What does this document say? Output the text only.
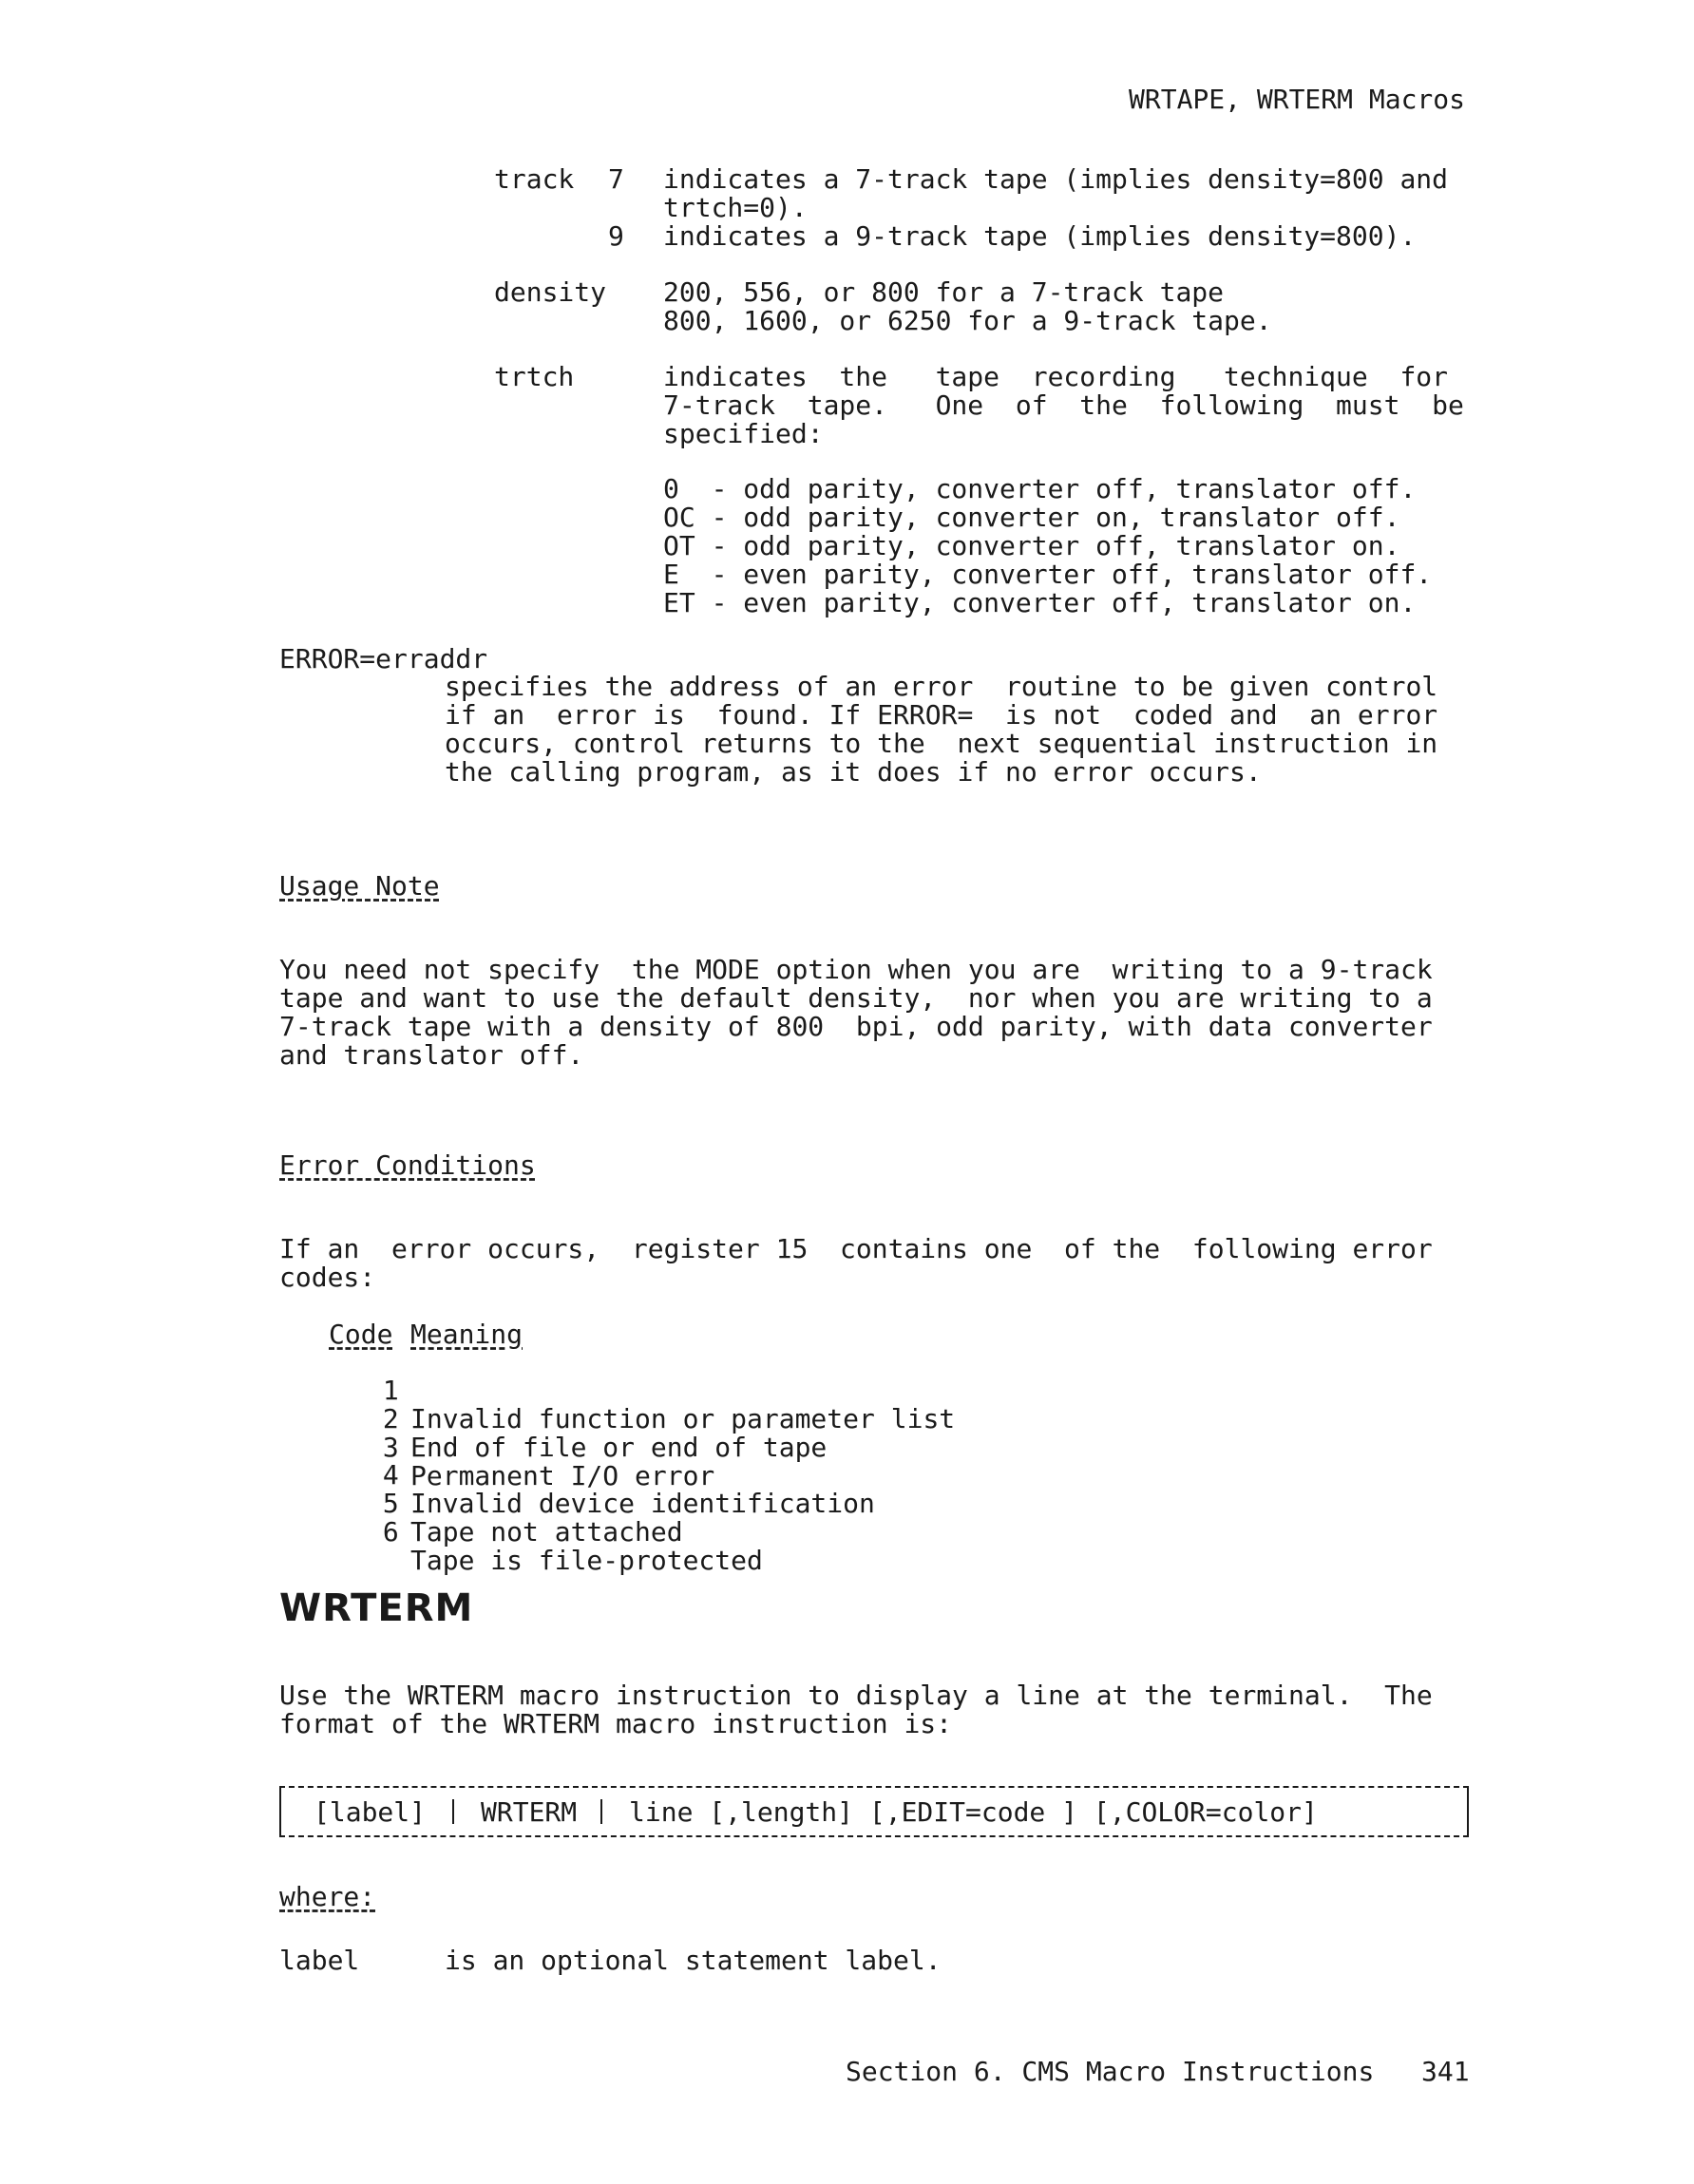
WRTAPE, WRTERM Macros
track 7 indicates a 7-track tape (implies density=800 and
trtch=0).
9 indicates a 9-track tape (implies density=800).
density 200, 556, or 800 for a 7-track tape
800, 1600, or 6250 for a 9-track tape.
trtch	indicates  the   tape  recording   technique  for
7-track  tape.   One  of  the  following  must  be
specified:
0  - odd parity, converter off, translator off.
OC - odd parity, converter on, translator off.
OT - odd parity, converter off, translator on.
E  - even parity, converter off, translator off.
ET - even parity, converter off, translator on.
ERROR=erraddr
specifies the address of an error  routine to be given control
if an  error is  found. If ERROR=  is not  coded and  an error
occurs, control returns to the  next sequential instruction in
the calling program, as it does if no error occurs.
Usage Note
You need not specify  the MODE option when you are  writing to a 9-track
tape and want to use the default density,  nor when you are writing to a
7-track tape with a density of 800  bpi, odd parity, with data converter
and translator off.
Error Conditions
If an  error occurs,  register 15  contains one  of the  following error
codes:
Code Meaning

1

Invalid function or parameter list

2

End of file or end of tape

3

Permanent I/O error

4

Invalid device identification

5

Tape not attached

6

Tape is file-protected

WRTERM
Use the WRTERM macro instruction to display a line at the terminal.  The
format of the WRTERM macro instruction is:
[label] WRTERM line [,length] [,EDIT=code ] [,COLOR=color]
where:
label	is an optional statement label.
Section 6. CMS Macro Instructions 341
